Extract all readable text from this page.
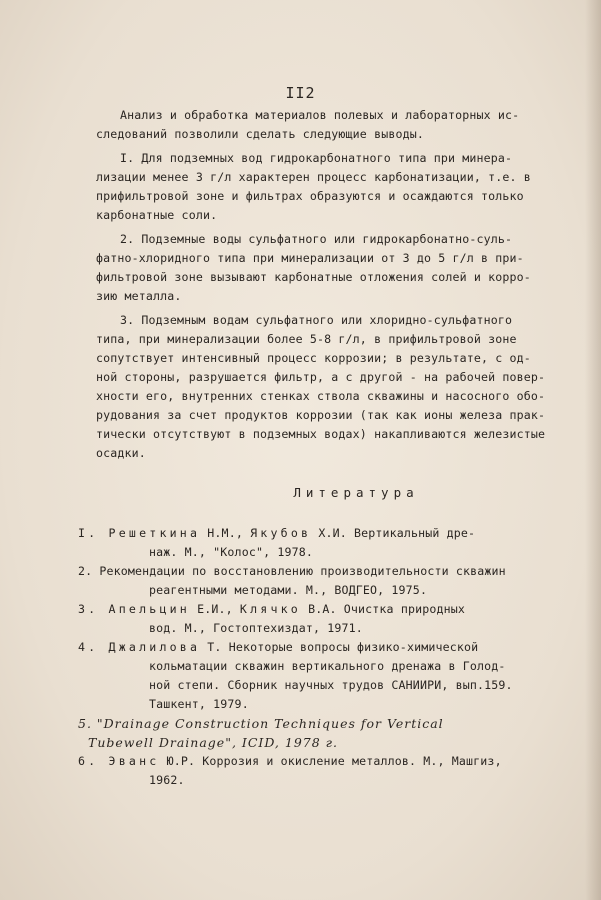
II2
Анализ и обработка материалов полевых и лабораторных ис-
следований позволили сделать следующие выводы.
I. Для подземных вод гидрокарбонатного типа при минера-
лизации менее 3 г/л характерен процесс карбонатизации, т.е. в
прифильтровой зоне и фильтрах образуются и осаждаются только
карбонатные соли.
2. Подземные воды сульфатного или гидрокарбонатно-суль-
фатно-хлоридного типа при минерализации от 3 до 5 г/л в при-
фильтровой зоне вызывают карбонатные отложения солей и корро-
зию металла.
3. Подземным водам сульфатного или хлоридно-сульфатного
типа, при минерализации более 5-8 г/л, в прифильтровой зоне
сопутствует интенсивный процесс коррозии; в результате, с од-
ной стороны, разрушается фильтр, а с другой - на рабочей повер-
хности его, внутренних стенках ствола скважины и насосного обо-
рудования за счет продуктов коррозии (так как ионы железа прак-
тически отсутствуют в подземных водах) накапливаются железистые
осадки.
Литература
I. Решеткина Н.М., Якубов Х.И. Вертикальный дре-
наж. М., "Колос", 1978.
2. Рекомендации по восстановлению производительности скважин
реагентными методами. М., ВОДГЕО, 1975.
3. Апельцин Е.И., Клячко В.А. Очистка природных
вод. М., Гостоптехиздат, 1971.
4. Джалилова Т. Некоторые вопросы физико-химической
кольматации скважин вертикального дренажа в Голод-
ной степи. Сборник научных трудов САНИИРИ, вып.159.
Ташкент, 1979.
5. "Drainage Construction Techniques for Vertical
Tubewell Drainage", ICID, 1978 г.
6. Эванс Ю.Р. Коррозия и окисление металлов. М., Машгиз,
1962.
